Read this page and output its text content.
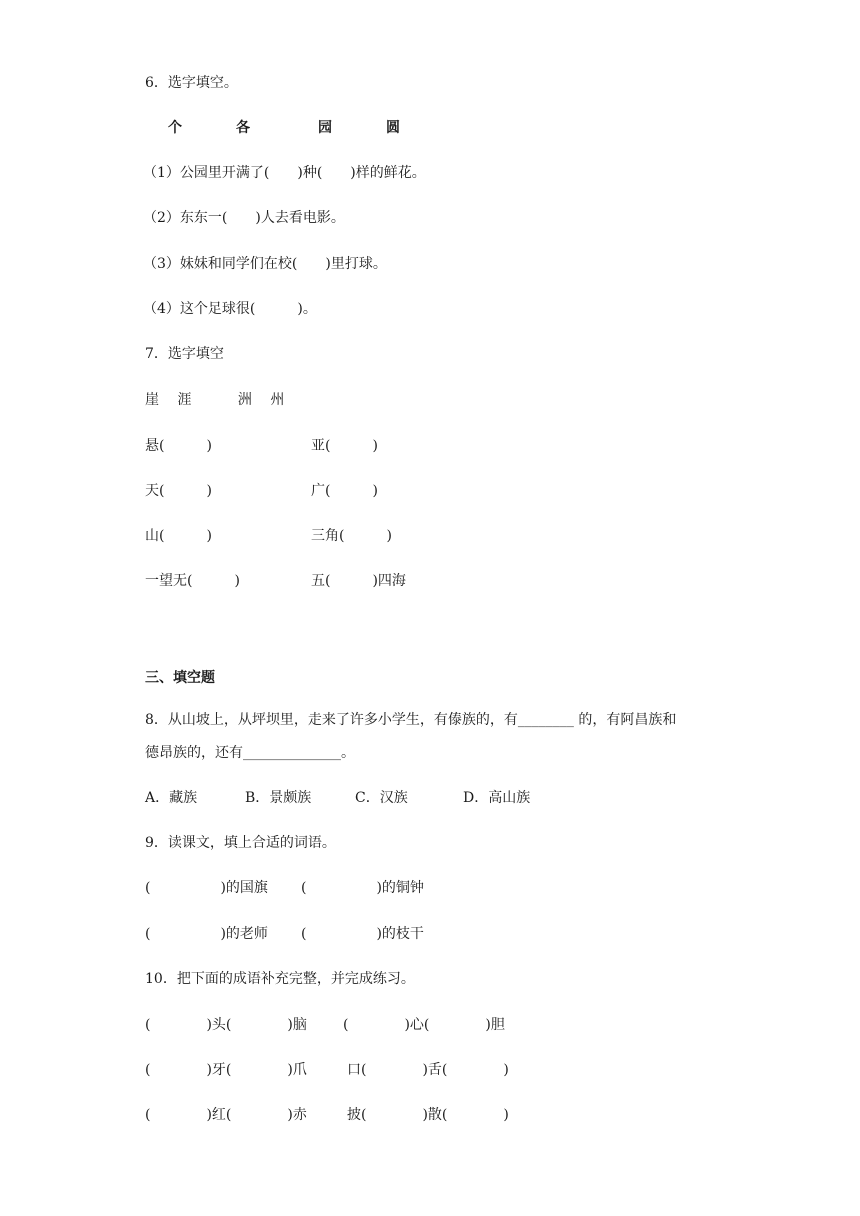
6．选字填空。
个	各	园	圆
（1）公园里开满了(　　)种(　　)样的鲜花。
（2）东东一(　　)人去看电影。
（3）妹妹和同学们在校(　　)里打球。
（4）这个足球很(　　　)。
7．选字填空
崖　 涯　　　 洲　 州
悬(　　　)	亚(　　　)
天(　　　)	广(　　　)
山(　　　)	三角(　　　)
一望无(　　　)	五(　　　)四海
三、填空题
8．从山坡上，从坪坝里，走来了许多小学生，有傣族的，有________ 的，有阿昌族和
德昂族的，还有______________。
A．藏族	B．景颇族	C．汉族	D．高山族
9．读课文，填上合适的词语。
(　　　　　)的国旗 (　　　　　)的铜钟
(　　　　　)的老师 (　　　　　)的枝干
10．把下面的成语补充完整，并完成练习。
(　　　　)头(　　　　)脑	(　　　　)心(　　　　)胆
(　　　　)牙(　　　　)爪	口(　　　　)舌(　　　　)
(　　　　)红(　　　　)赤	披(　　　　)散(　　　　)
